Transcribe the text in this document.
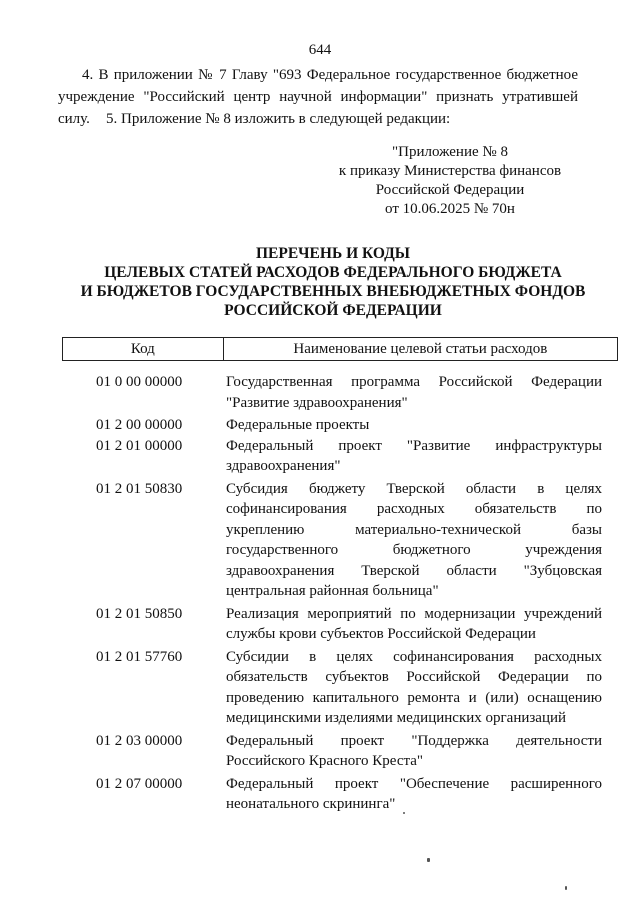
644
4. В приложении № 7 Главу "693 Федеральное государственное бюджетное учреждение "Российский центр научной информации" признать утратившей силу.	5. Приложение № 8 изложить в следующей редакции:
"Приложение № 8
к приказу Министерства финансов
Российской Федерации
от 10.06.2025 № 70н
ПЕРЕЧЕНЬ И КОДЫ
ЦЕЛЕВЫХ СТАТЕЙ РАСХОДОВ ФЕДЕРАЛЬНОГО БЮДЖЕТА
И БЮДЖЕТОВ ГОСУДАРСТВЕННЫХ ВНЕБЮДЖЕТНЫХ ФОНДОВ
РОССИЙСКОЙ ФЕДЕРАЦИИ
Код	Наименование целевой статьи расходов
01 0 00 00000	Государственная программа Российской Федерации "Развитие здравоохранения"
01 2 00 00000	Федеральные проекты
01 2 01 00000	Федеральный проект "Развитие инфраструктуры здравоохранения"
01 2 01 50830	Субсидия бюджету Тверской области в целях софинансирования расходных обязательств по укреплению материально-технической базы государственного бюджетного учреждения здравоохранения Тверской области "Зубцовская центральная районная больница"
01 2 01 50850	Реализация мероприятий по модернизации учреждений службы крови субъектов Российской Федерации
01 2 01 57760	Субсидии в целях софинансирования расходных обязательств субъектов Российской Федерации по проведению капитального ремонта и (или) оснащению медицинскими изделиями медицинских организаций
01 2 03 00000	Федеральный проект "Поддержка деятельности Российского Красного Креста"
01 2 07 00000	Федеральный проект "Обеспечение расширенного неонатального скрининга"
